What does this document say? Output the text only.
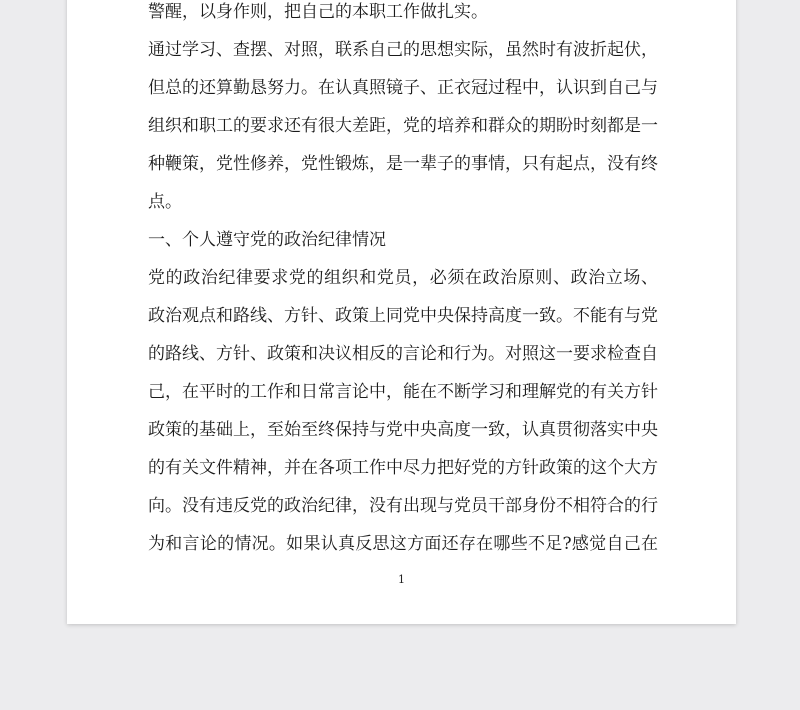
警醒，以身作则，把自己的本职工作做扎实。
通过学习、查摆、对照，联系自己的思想实际，虽然时有波折起伏，
但总的还算勤恳努力。在认真照镜子、正衣冠过程中，认识到自己与
组织和职工的要求还有很大差距，党的培养和群众的期盼时刻都是一
种鞭策，党性修养，党性锻炼，是一辈子的事情，只有起点，没有终
点。
一、个人遵守党的政治纪律情况
党的政治纪律要求党的组织和党员，必须在政治原则、政治立场、
政治观点和路线、方针、政策上同党中央保持高度一致。不能有与党
的路线、方针、政策和决议相反的言论和行为。对照这一要求检查自
己，在平时的工作和日常言论中，能在不断学习和理解党的有关方针
政策的基础上，至始至终保持与党中央高度一致，认真贯彻落实中央
的有关文件精神，并在各项工作中尽力把好党的方针政策的这个大方
向。没有违反党的政治纪律，没有出现与党员干部身份不相符合的行
为和言论的情况。如果认真反思这方面还存在哪些不足?感觉自己在
1
